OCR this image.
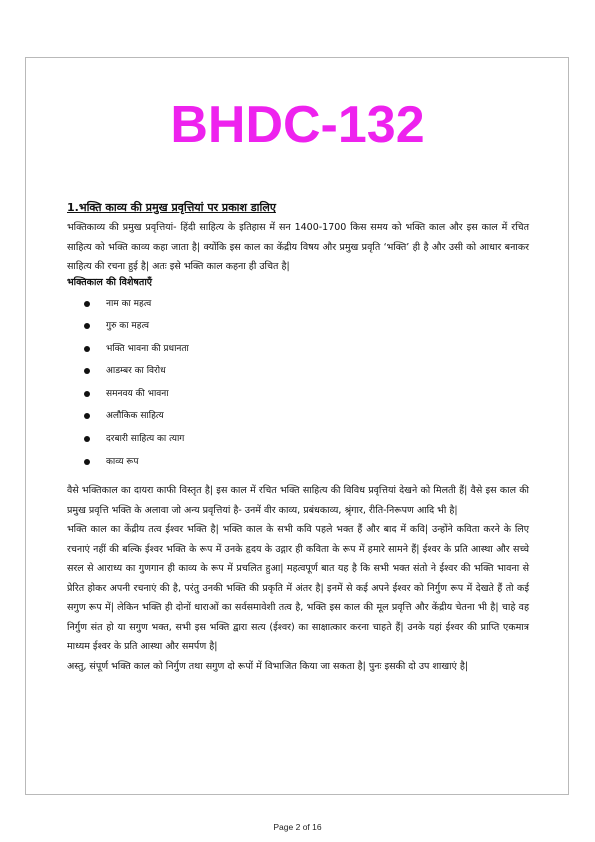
BHDC-132

1.भक्ति काव्य की प्रमुख प्रवृत्तियां पर प्रकाश डालिए

भक्तिकाव्य की प्रमुख प्रवृत्तियां- हिंदी साहित्य के इतिहास में सन 1400-1700 किस समय को भक्ति काल और इस काल में रचित साहित्य को भक्ति काव्य कहा जाता है| क्योंकि इस काल का केंद्रीय विषय और प्रमुख प्रवृति ‘भक्ति’ ही है और उसी को आधार बनाकर साहित्य की रचना हुई है| अतः इसे भक्ति काल कहना ही उचित है|

भक्तिकाल की विशेषताएँ

नाम का महत्व
गुरु का महत्व
भक्ति भावना की प्रधानता
आडम्बर का विरोध
समनवय की भावना
अलौकिक साहित्य
दरबारी साहित्य का त्याग
काव्य रूप

वैसे भक्तिकाल का दायरा काफी विस्तृत है| इस काल में रचित भक्ति साहित्य की विविध प्रवृत्तियां देखने को मिलती हैं| वैसे इस काल की प्रमुख प्रवृत्ति भक्ति के अलावा जो अन्य प्रवृत्तियां है- उनमें वीर काव्य, प्रबंधकाव्य, श्रृंगार, रीति-निरूपण आदि भी है|

भक्ति काल का केंद्रीय तत्व ईश्वर भक्ति है| भक्ति काल के सभी कवि पहले भक्त हैं और बाद में कवि| उन्होंने कविता करने के लिए रचनाएं नहीं की बल्कि ईश्वर भक्ति के रूप में उनके हृदय के उद्गार ही कविता के रूप में हमारे सामने हैं| ईश्वर के प्रति आस्था और सच्चे सरल से आराध्य का गुणगान ही काव्य के रूप में प्रचलित हुआ| महत्वपूर्ण बात यह है कि सभी भक्त संतो ने ईश्वर की भक्ति भावना से प्रेरित होकर अपनी रचनाएं की है, परंतु उनकी भक्ति की प्रकृति में अंतर है| इनमें से कई अपने ईश्वर को निर्गुण रूप में देखते हैं तो कई सगुण रूप में| लेकिन भक्ति ही दोनों धाराओं का सर्वसमावेशी तत्व है, भक्ति इस काल की मूल प्रवृत्ति और केंद्रीय चेतना भी है| चाहे वह निर्गुण संत हो या सगुण भक्त, सभी इस भक्ति द्वारा सत्य (ईश्वर) का साक्षात्कार करना चाहते हैं| उनके यहां ईश्वर की प्राप्ति एकमात्र माध्यम ईश्वर के प्रति आस्था और समर्पण है|

अस्तु, संपूर्ण भक्ति काल को निर्गुण तथा सगुण दो रूपों में विभाजित किया जा सकता है| पुनः इसकी दो उप शाखाएं है|

Page 2 of 16
